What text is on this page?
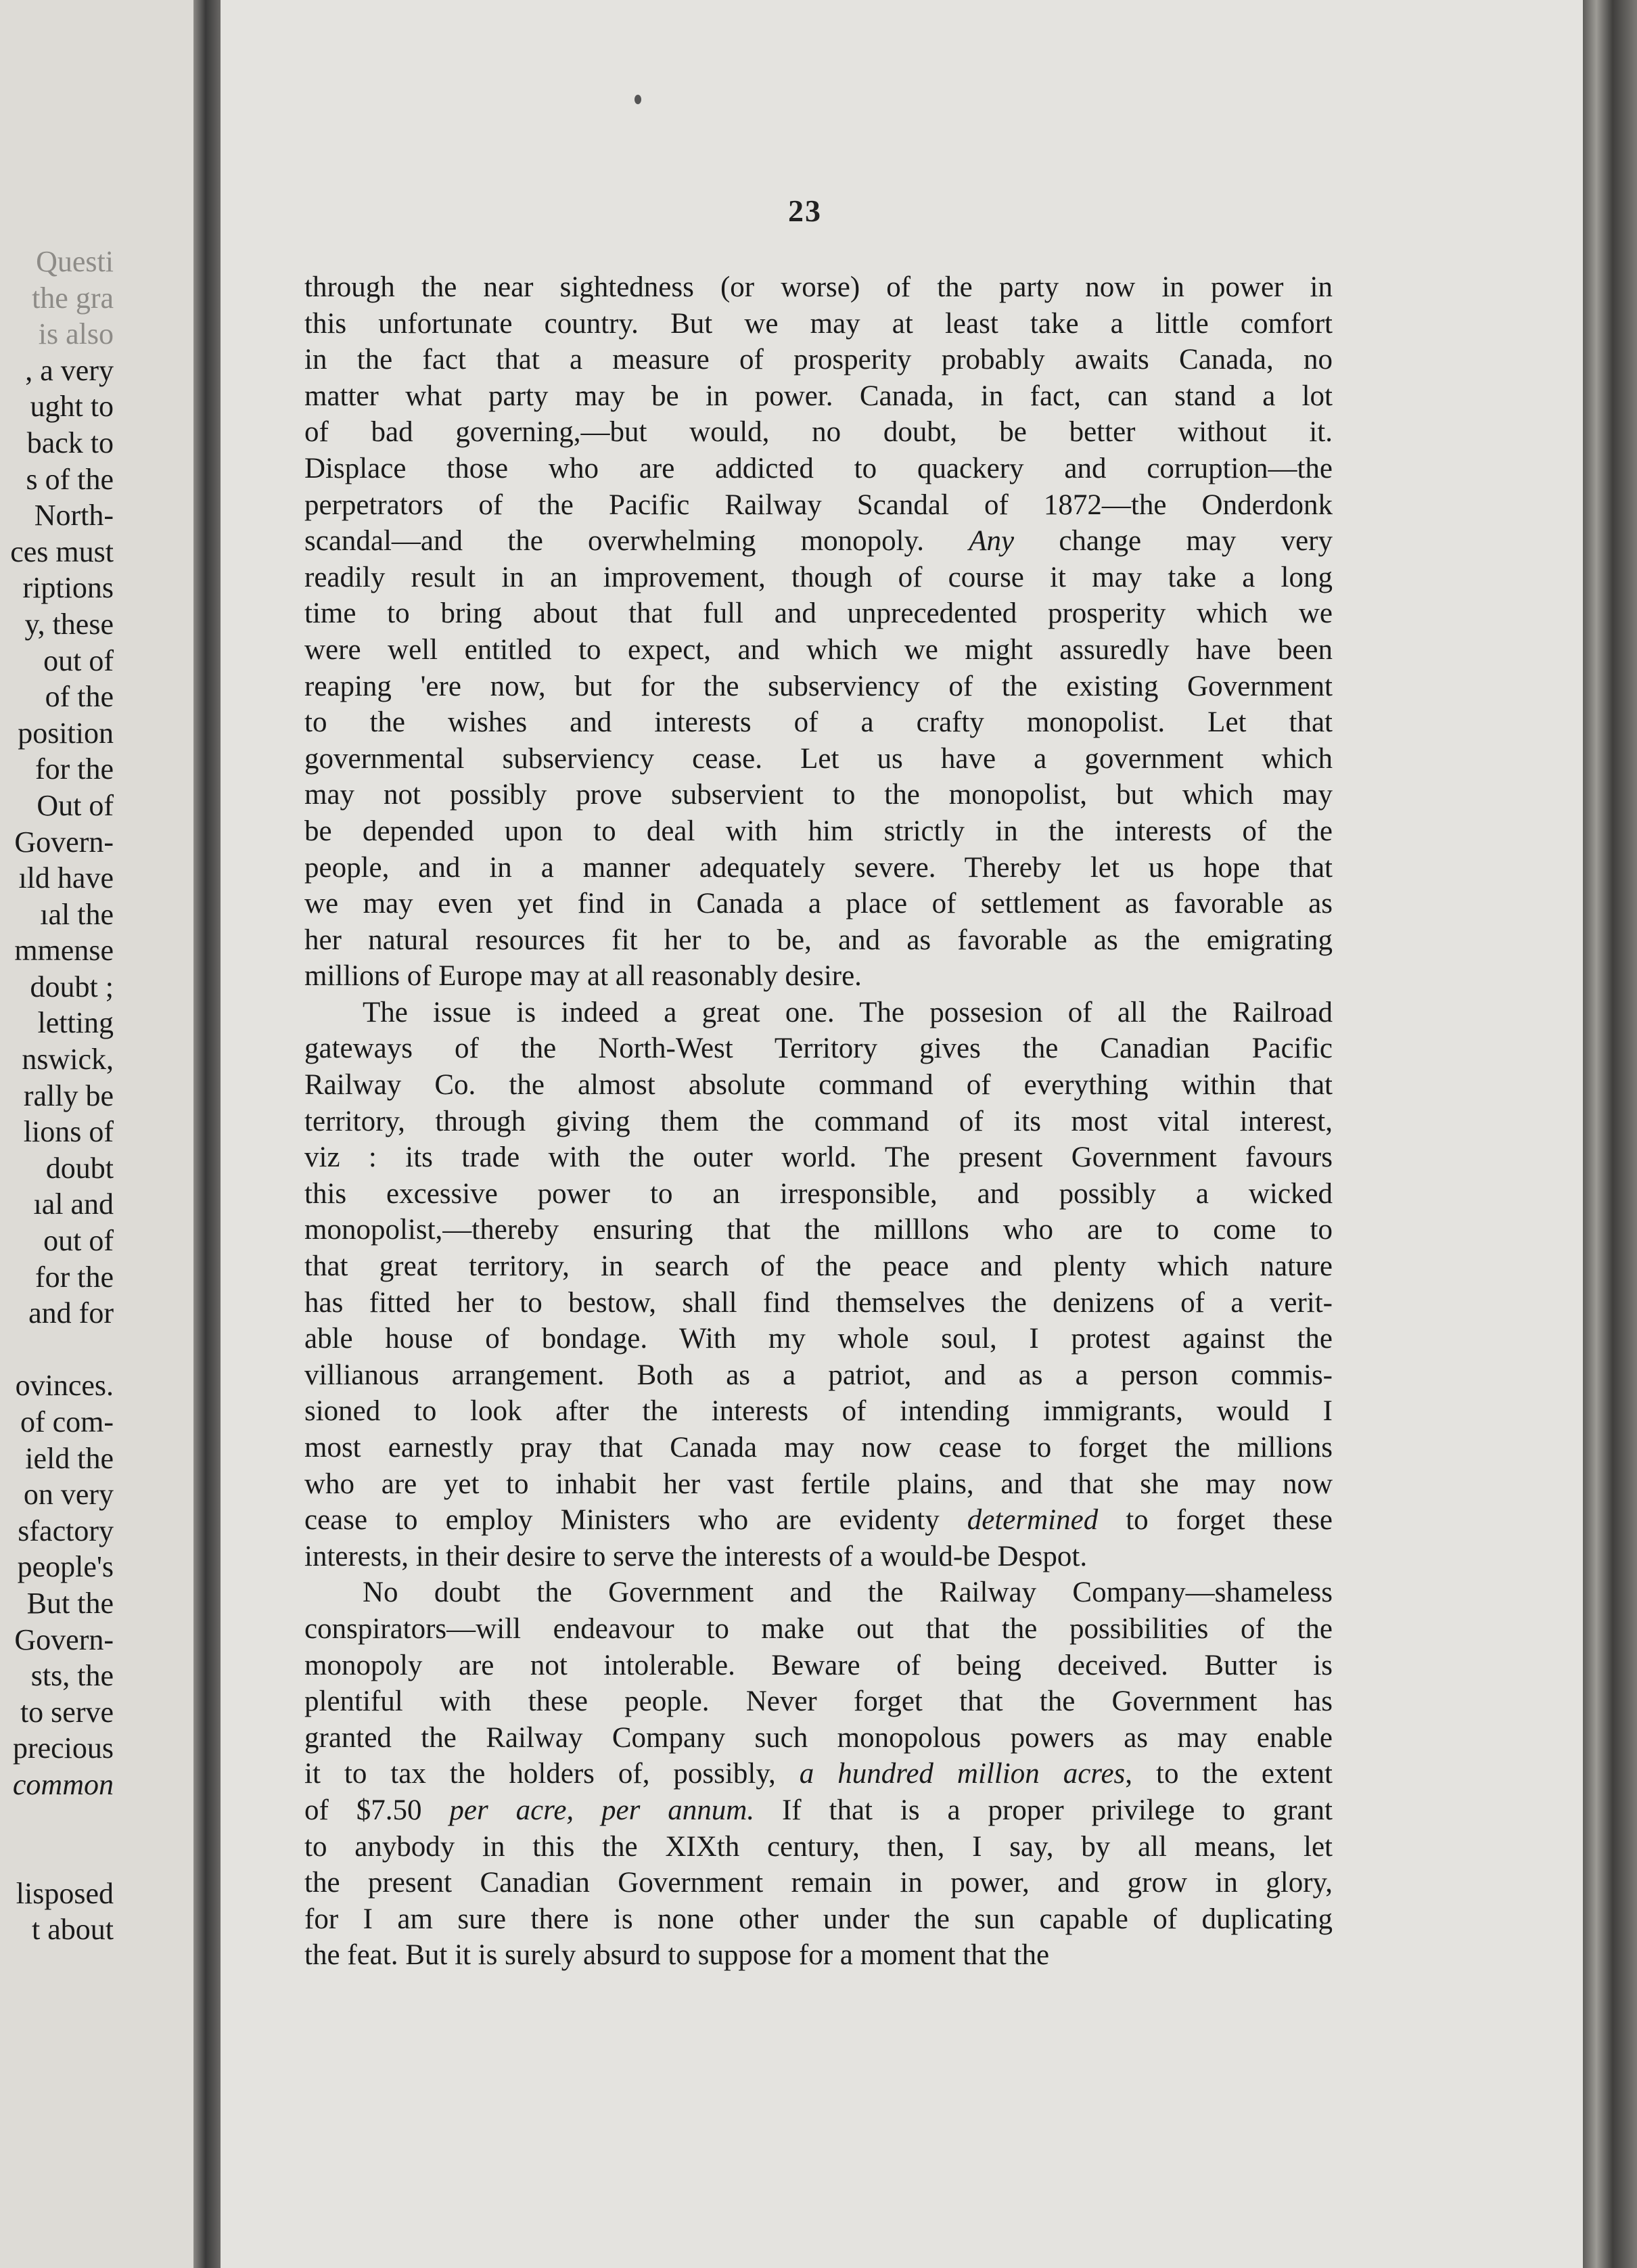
Questi
the gra
is also
, a very
ught to
back to
s of the
North-
ces must
riptions
y, these
out of
of the
position
for the
Out of
Govern-
ıld have
ıal the
mmense
doubt ;
letting
nswick,
rally be
lions of
doubt
ıal and
out of
for the
and for
ovinces.
of com-
ield the
on very
sfactory
people's
But the
Govern-
sts, the
to serve
precious
common
lisposed
t about
23
through the near sightedness (or worse) of the party now in power in
this unfortunate country. But we may at least take a little comfort
in the fact that a measure of prosperity probably awaits Canada, no
matter what party may be in power. Canada, in fact, can stand a lot
of bad governing,—but would, no doubt, be better without it.
Displace those who are addicted to quackery and corruption—the
perpetrators of the Pacific Railway Scandal of 1872—the Onderdonk
scandal—and the overwhelming monopoly. Any change may very
readily result in an improvement, though of course it may take a long
time to bring about that full and unprecedented prosperity which we
were well entitled to expect, and which we might assuredly have been
reaping 'ere now, but for the subserviency of the existing Government
to the wishes and interests of a crafty monopolist. Let that
governmental subserviency cease. Let us have a government which
may not possibly prove subservient to the monopolist, but which may
be depended upon to deal with him strictly in the interests of the
people, and in a manner adequately severe. Thereby let us hope that
we may even yet find in Canada a place of settlement as favorable as
her natural resources fit her to be, and as favorable as the emigrating
millions of Europe may at all reasonably desire.
The issue is indeed a great one. The possesion of all the Railroad
gateways of the North-West Territory gives the Canadian Pacific
Railway Co. the almost absolute command of everything within that
territory, through giving them the command of its most vital interest,
viz : its trade with the outer world. The present Government favours
this excessive power to an irresponsible, and possibly a wicked
monopolist,—thereby ensuring that the milllons who are to come to
that great territory, in search of the peace and plenty which nature
has fitted her to bestow, shall find themselves the denizens of a verit-
able house of bondage. With my whole soul, I protest against the
villianous arrangement. Both as a patriot, and as a person commis-
sioned to look after the interests of intending immigrants, would I
most earnestly pray that Canada may now cease to forget the millions
who are yet to inhabit her vast fertile plains, and that she may now
cease to employ Ministers who are evidenty determined to forget these
interests, in their desire to serve the interests of a would-be Despot.
No doubt the Government and the Railway Company—shameless
conspirators—will endeavour to make out that the possibilities of the
monopoly are not intolerable. Beware of being deceived. Butter is
plentiful with these people. Never forget that the Government has
granted the Railway Company such monopolous powers as may enable
it to tax the holders of, possibly, a hundred million acres, to the extent
of $7.50 per acre, per annum. If that is a proper privilege to grant
to anybody in this the XIXth century, then, I say, by all means, let
the present Canadian Government remain in power, and grow in glory,
for I am sure there is none other under the sun capable of duplicating
the feat. But it is surely absurd to suppose for a moment that the
